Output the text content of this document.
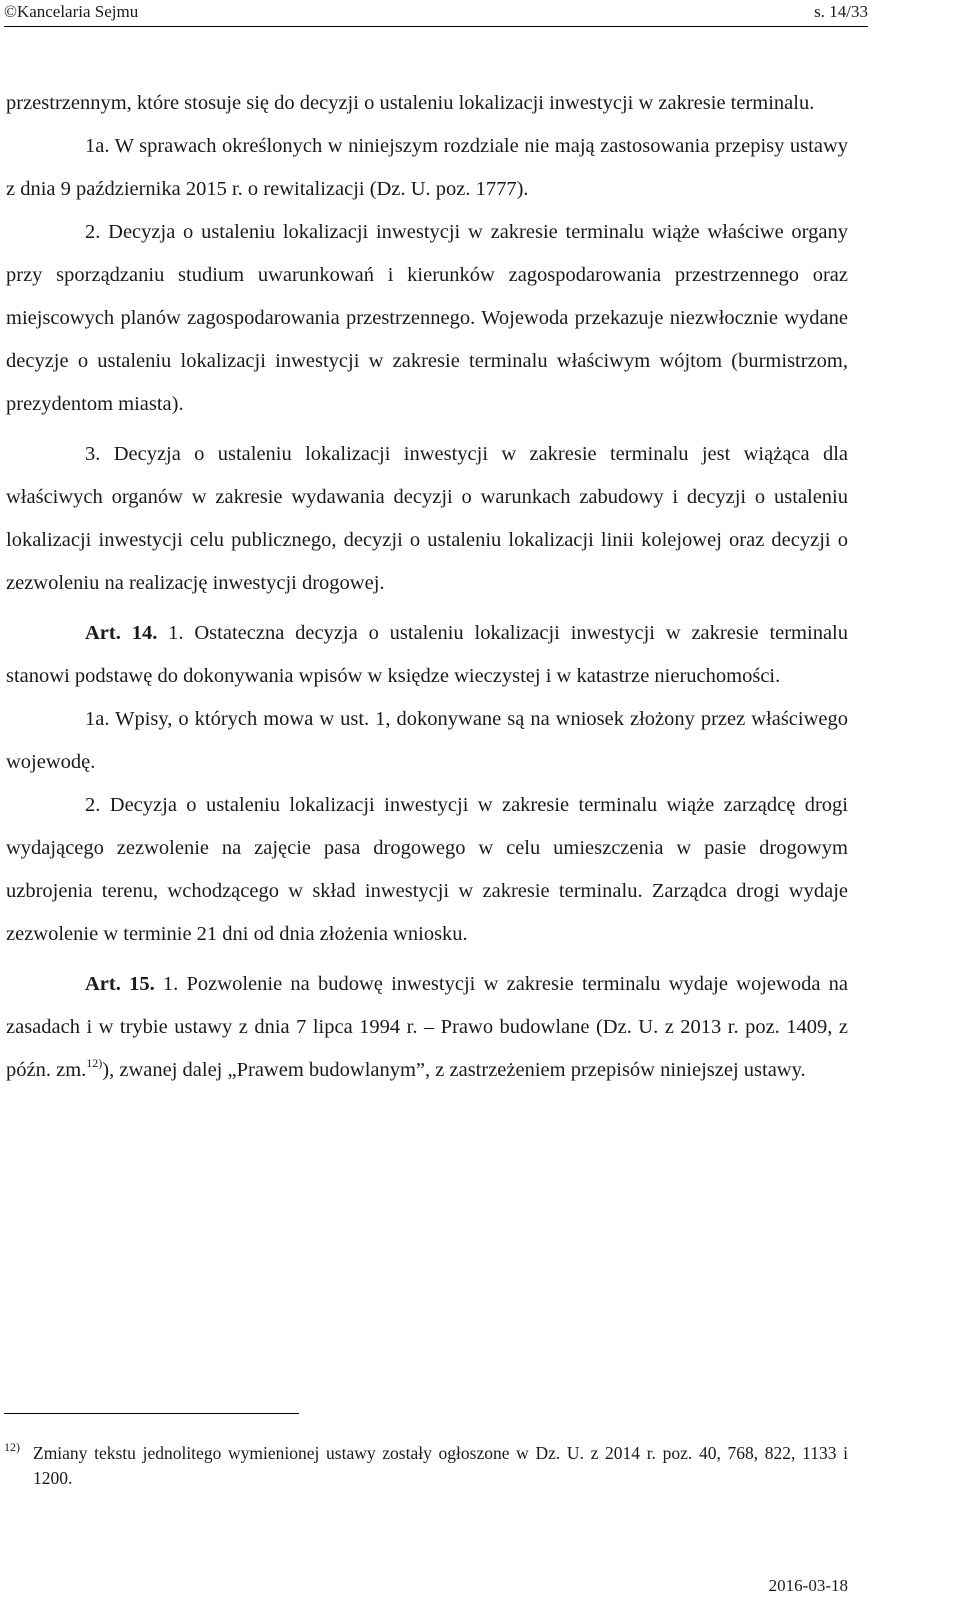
©Kancelaria Sejmu	s. 14/33

przestrzennym, które stosuje się do decyzji o ustaleniu lokalizacji inwestycji w zakresie terminalu.

1a. W sprawach określonych w niniejszym rozdziale nie mają zastosowania przepisy ustawy z dnia 9 października 2015 r. o rewitalizacji (Dz. U. poz. 1777).

2. Decyzja o ustaleniu lokalizacji inwestycji w zakresie terminalu wiąże właściwe organy przy sporządzaniu studium uwarunkowań i kierunków zagospodarowania przestrzennego oraz miejscowych planów zagospodarowania przestrzennego. Wojewoda przekazuje niezwłocznie wydane decyzje o ustaleniu lokalizacji inwestycji w zakresie terminalu właściwym wójtom (burmistrzom, prezydentom miasta).

3. Decyzja o ustaleniu lokalizacji inwestycji w zakresie terminalu jest wiążąca dla właściwych organów w zakresie wydawania decyzji o warunkach zabudowy i decyzji o ustaleniu lokalizacji inwestycji celu publicznego, decyzji o ustaleniu lokalizacji linii kolejowej oraz decyzji o zezwoleniu na realizację inwestycji drogowej.

Art. 14. 1. Ostateczna decyzja o ustaleniu lokalizacji inwestycji w zakresie terminalu stanowi podstawę do dokonywania wpisów w księdze wieczystej i w katastrze nieruchomości.

1a. Wpisy, o których mowa w ust. 1, dokonywane są na wniosek złożony przez właściwego wojewodę.

2. Decyzja o ustaleniu lokalizacji inwestycji w zakresie terminalu wiąże zarządcę drogi wydającego zezwolenie na zajęcie pasa drogowego w celu umieszczenia w pasie drogowym uzbrojenia terenu, wchodzącego w skład inwestycji w zakresie terminalu. Zarządca drogi wydaje zezwolenie w terminie 21 dni od dnia złożenia wniosku.

Art. 15. 1. Pozwolenie na budowę inwestycji w zakresie terminalu wydaje wojewoda na zasadach i w trybie ustawy z dnia 7 lipca 1994 r. – Prawo budowlane (Dz. U. z 2013 r. poz. 1409, z późn. zm.$^{12)}$), zwanej dalej „Prawem budowlanym”, z zastrzeżeniem przepisów niniejszej ustawy.

12) Zmiany tekstu jednolitego wymienionej ustawy zostały ogłoszone w Dz. U. z 2014 r. poz. 40, 768, 822, 1133 i 1200.
2016-03-18
